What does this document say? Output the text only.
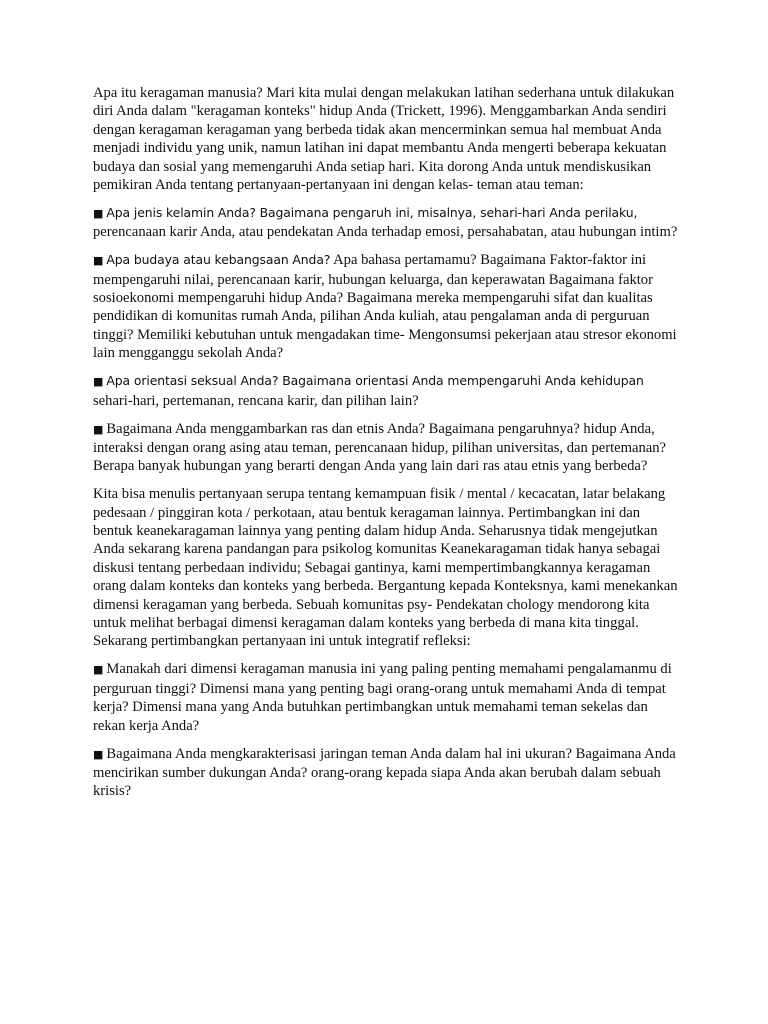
Apa itu keragaman manusia? Mari kita mulai dengan melakukan latihan sederhana untuk dilakukan diri Anda dalam "keragaman konteks" hidup Anda (Trickett, 1996). Menggambarkan Anda sendiri dengan keragaman keragaman yang berbeda tidak akan mencerminkan semua hal membuat Anda menjadi individu yang unik, namun latihan ini dapat membantu Anda mengerti beberapa kekuatan budaya dan sosial yang memengaruhi Anda setiap hari. Kita dorong Anda untuk mendiskusikan pemikiran Anda tentang pertanyaan-pertanyaan ini dengan kelas- teman atau teman:

■ Apa jenis kelamin Anda? Bagaimana pengaruh ini, misalnya, sehari-hari Anda perilaku, perencanaan karir Anda, atau pendekatan Anda terhadap emosi, persahabatan, atau hubungan intim?

■ Apa budaya atau kebangsaan Anda? Apa bahasa pertamamu? Bagaimana Faktor-faktor ini mempengaruhi nilai, perencanaan karir, hubungan keluarga, dan keperawatan Bagaimana faktor sosioekonomi mempengaruhi hidup Anda? Bagaimana mereka mempengaruhi sifat dan kualitas pendidikan di komunitas rumah Anda, pilihan Anda kuliah, atau pengalaman anda di perguruan tinggi? Memiliki kebutuhan untuk mengadakan time- Mengonsumsi pekerjaan atau stresor ekonomi lain mengganggu sekolah Anda?

■ Apa orientasi seksual Anda? Bagaimana orientasi Anda mempengaruhi Anda kehidupan sehari-hari, pertemanan, rencana karir, dan pilihan lain?

■ Bagaimana Anda menggambarkan ras dan etnis Anda? Bagaimana pengaruhnya? hidup Anda, interaksi dengan orang asing atau teman, perencanaan hidup, pilihan universitas, dan pertemanan? Berapa banyak hubungan yang berarti dengan Anda yang lain dari ras atau etnis yang berbeda?

Kita bisa menulis pertanyaan serupa tentang kemampuan fisik / mental / kecacatan, latar belakang pedesaan / pinggiran kota / perkotaan, atau bentuk keragaman lainnya. Pertimbangkan ini dan bentuk keanekaragaman lainnya yang penting dalam hidup Anda. Seharusnya tidak mengejutkan Anda sekarang karena pandangan para psikolog komunitas Keanekaragaman tidak hanya sebagai diskusi tentang perbedaan individu; Sebagai gantinya, kami mempertimbangkannya keragaman orang dalam konteks dan konteks yang berbeda. Bergantung kepada Konteksnya, kami menekankan dimensi keragaman yang berbeda. Sebuah komunitas psy- Pendekatan chology mendorong kita untuk melihat berbagai dimensi keragaman dalam konteks yang berbeda di mana kita tinggal. Sekarang pertimbangkan pertanyaan ini untuk integratif refleksi:

■ Manakah dari dimensi keragaman manusia ini yang paling penting memahami pengalamanmu di perguruan tinggi? Dimensi mana yang penting bagi orang-orang untuk memahami Anda di tempat kerja? Dimensi mana yang Anda butuhkan pertimbangkan untuk memahami teman sekelas dan rekan kerja Anda?

■ Bagaimana Anda mengkarakterisasi jaringan teman Anda dalam hal ini ukuran? Bagaimana Anda mencirikan sumber dukungan Anda? orang-orang kepada siapa Anda akan berubah dalam sebuah krisis?
